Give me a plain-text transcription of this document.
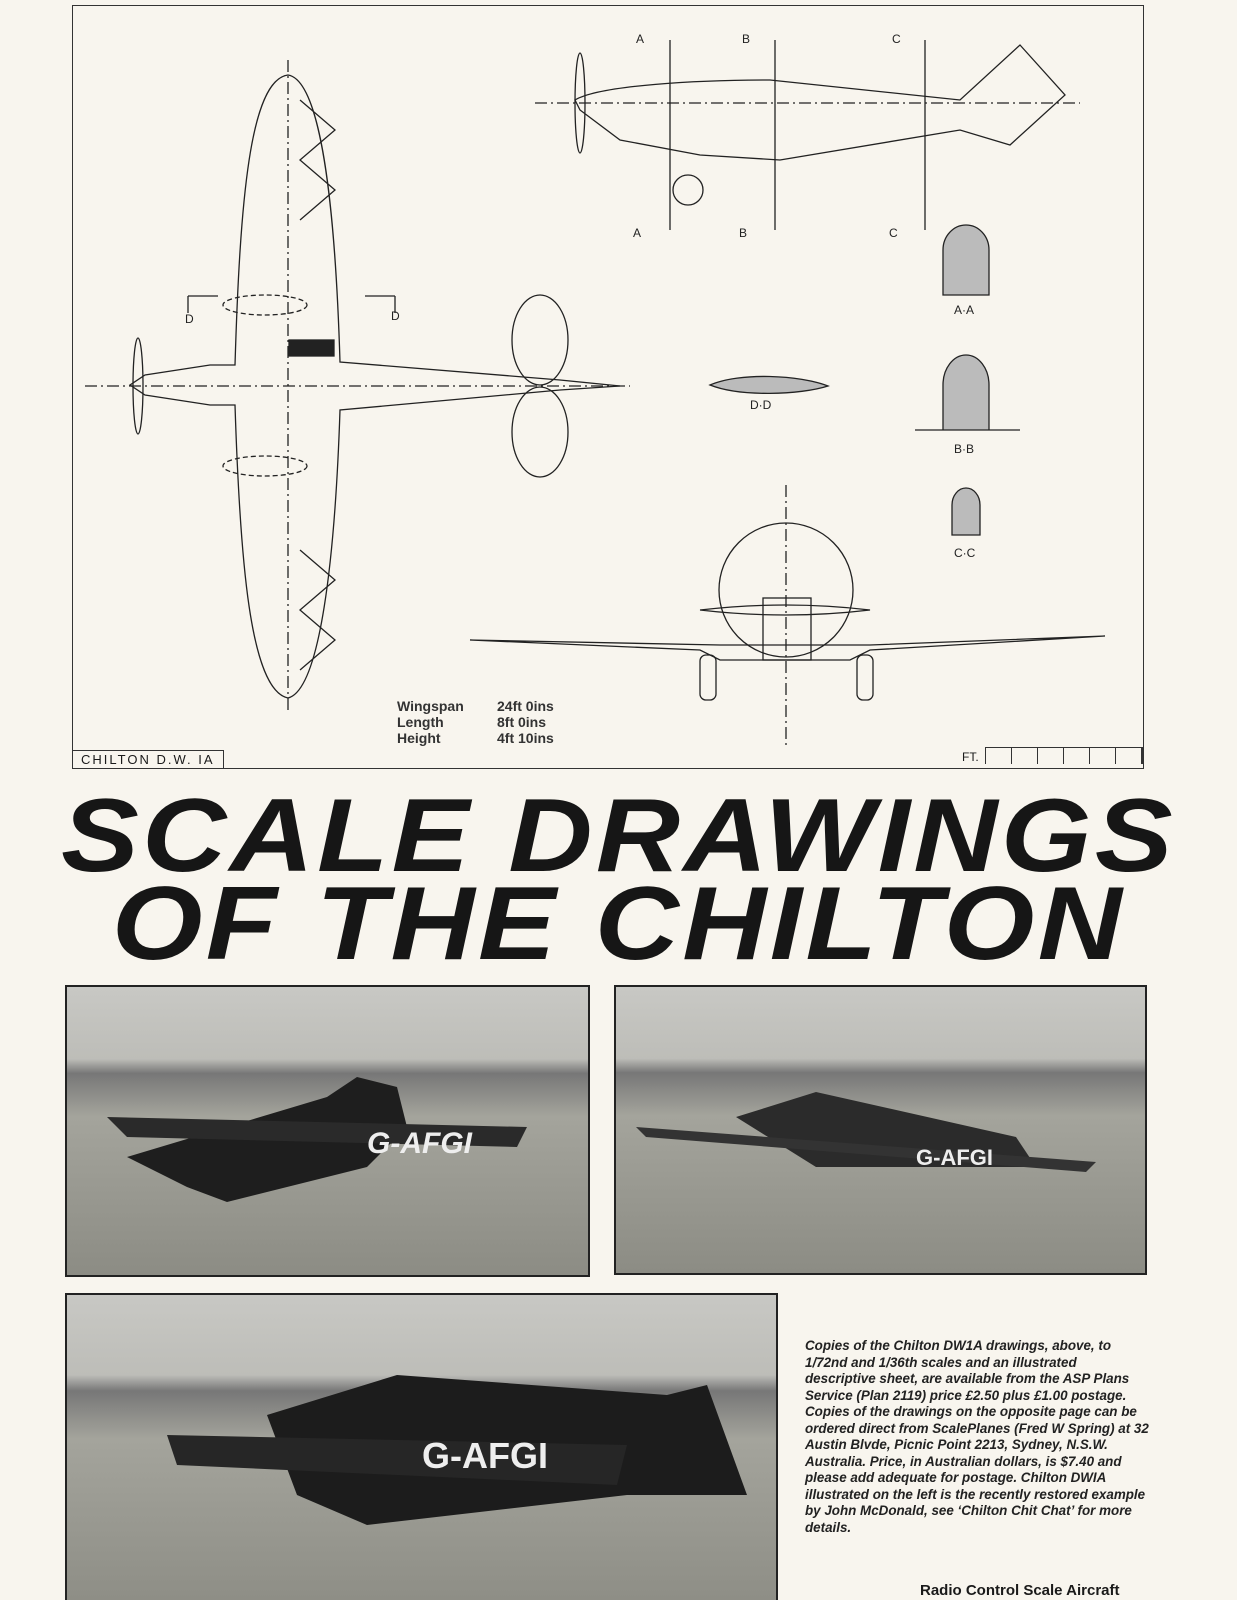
A	B	C
A	B	C
D	D	A·A
D·D
B·B
C·C
Wingspan	24ft 0ins
Length	8ft 0ins
Height	4ft 10ins
CHILTON D.W. IA	FT.
SCALE DRAWINGS
OF THE CHILTON
G-AFGI	G-AFGI
G-AFGI

Copies of the Chilton DW1A drawings, above, to 1/72nd and 1/36th scales and an illustrated descriptive sheet, are available from the ASP Plans Service (Plan 2119) price £2.50 plus £1.00 postage. Copies of the drawings on the opposite page can be ordered direct from ScalePlanes (Fred W Spring) at 32 Austin Blvde, Picnic Point 2213, Sydney, N.S.W. Australia. Price, in Australian dollars, is $7.40 and please add adequate for postage. Chilton DWIA illustrated on the left is the recently restored example by John McDonald, see ‘Chilton Chit Chat’ for more details.

Radio Control Scale Aircraft
